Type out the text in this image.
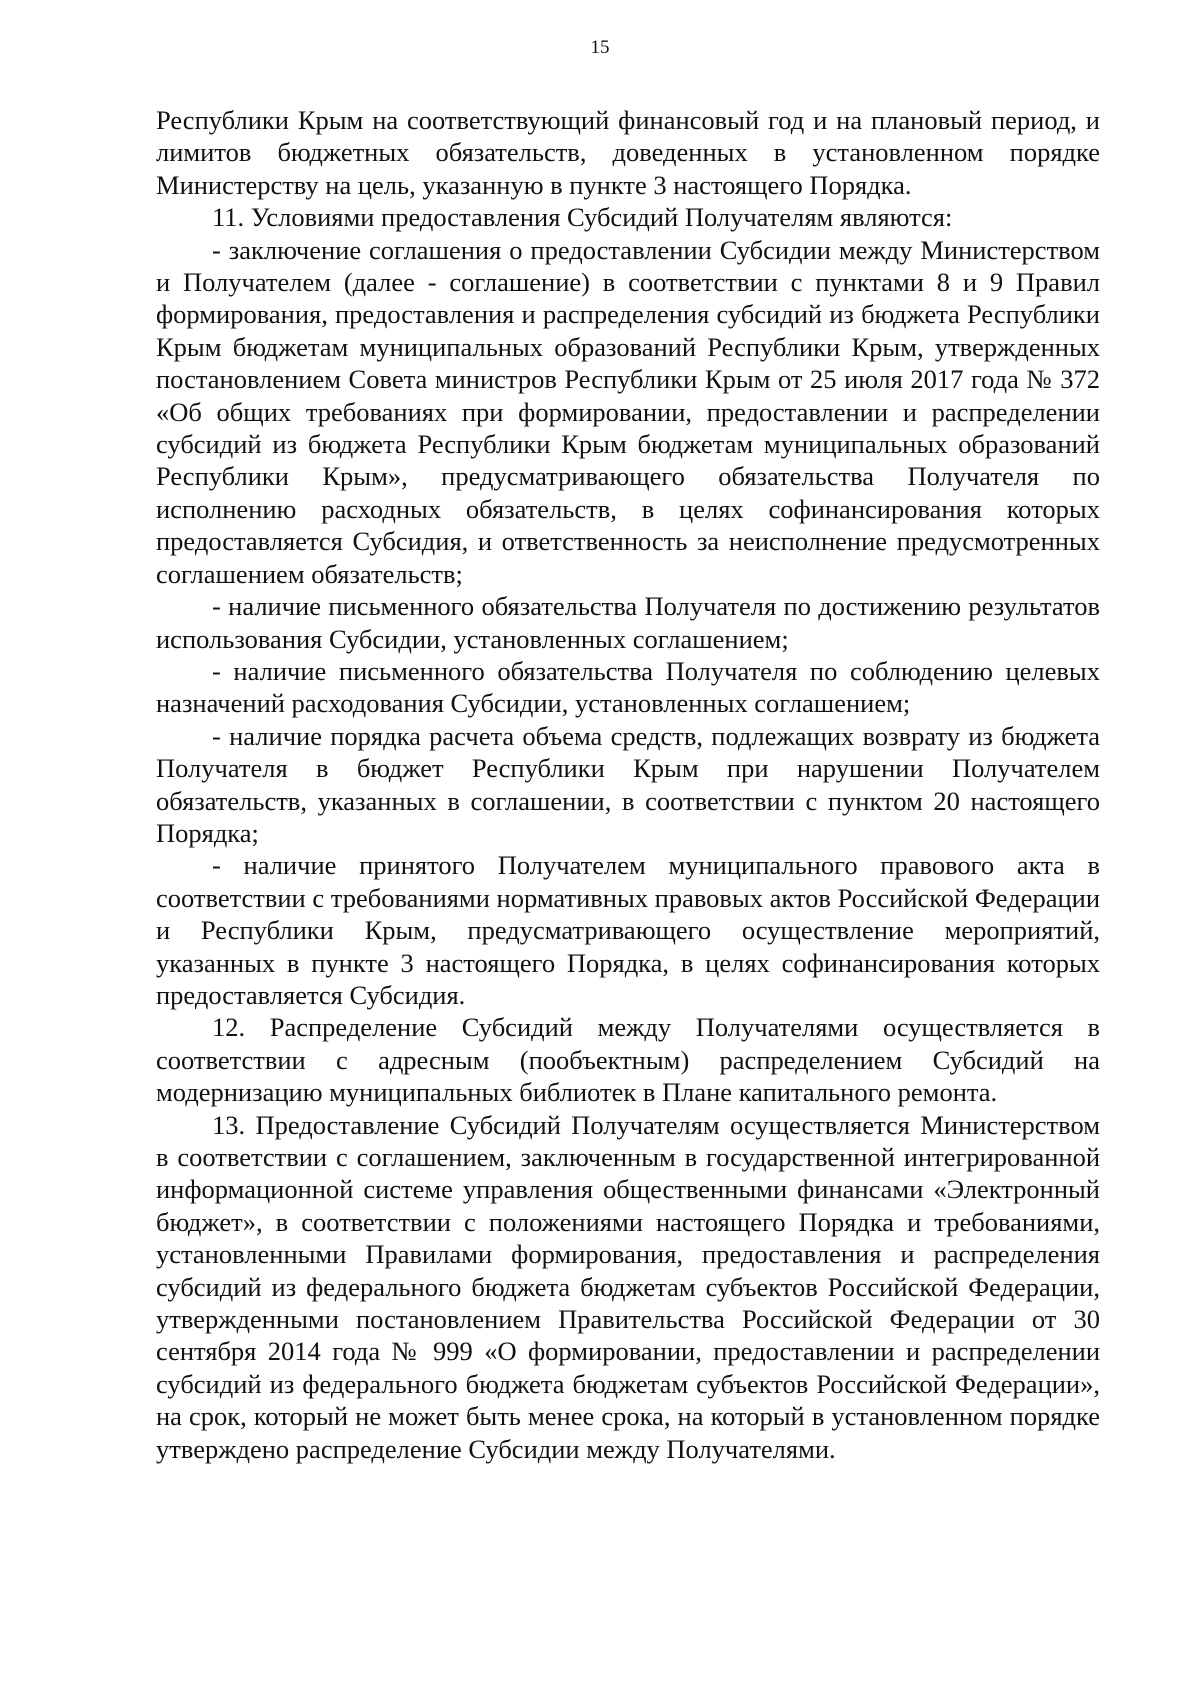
15

Республики Крым на соответствующий финансовый год и на плановый период, и лимитов бюджетных обязательств, доведенных в установленном порядке Министерству на цель, указанную в пункте 3 настоящего Порядка.

11. Условиями предоставления Субсидий Получателям являются:

- заключение соглашения о предоставлении Субсидии между Министерством и Получателем (далее - соглашение) в соответствии с пунктами 8 и 9 Правил формирования, предоставления и распределения субсидий из бюджета Республики Крым бюджетам муниципальных образований Республики Крым, утвержденных постановлением Совета министров Республики Крым от 25 июля 2017 года № 372 «Об общих требованиях при формировании, предоставлении и распределении субсидий из бюджета Республики Крым бюджетам муниципальных образований Республики Крым», предусматривающего обязательства Получателя по исполнению расходных обязательств, в целях софинансирования которых предоставляется Субсидия, и ответственность за неисполнение предусмотренных соглашением обязательств;

- наличие письменного обязательства Получателя по достижению результатов использования Субсидии, установленных соглашением;

- наличие письменного обязательства Получателя по соблюдению целевых назначений расходования Субсидии, установленных соглашением;

- наличие порядка расчета объема средств, подлежащих возврату из бюджета Получателя в бюджет Республики Крым при нарушении Получателем обязательств, указанных в соглашении, в соответствии с пунктом 20 настоящего Порядка;

- наличие принятого Получателем муниципального правового акта в соответствии с требованиями нормативных правовых актов Российской Федерации и Республики Крым, предусматривающего осуществление мероприятий, указанных в пункте 3 настоящего Порядка, в целях софинансирования которых предоставляется Субсидия.

12. Распределение Субсидий между Получателями осуществляется в соответствии с адресным (пообъектным) распределением Субсидий на модернизацию муниципальных библиотек в Плане капитального ремонта.

13. Предоставление Субсидий Получателям осуществляется Министерством в соответствии с соглашением, заключенным в государственной интегрированной информационной системе управления общественными финансами «Электронный бюджет», в соответствии с положениями настоящего Порядка и требованиями, установленными Правилами формирования, предоставления и распределения субсидий из федерального бюджета бюджетам субъектов Российской Федерации, утвержденными постановлением Правительства Российской Федерации от 30 сентября 2014 года № 999 «О формировании, предоставлении и распределении субсидий из федерального бюджета бюджетам субъектов Российской Федерации», на срок, который не может быть менее срока, на который в установленном порядке утверждено распределение Субсидии между Получателями.
